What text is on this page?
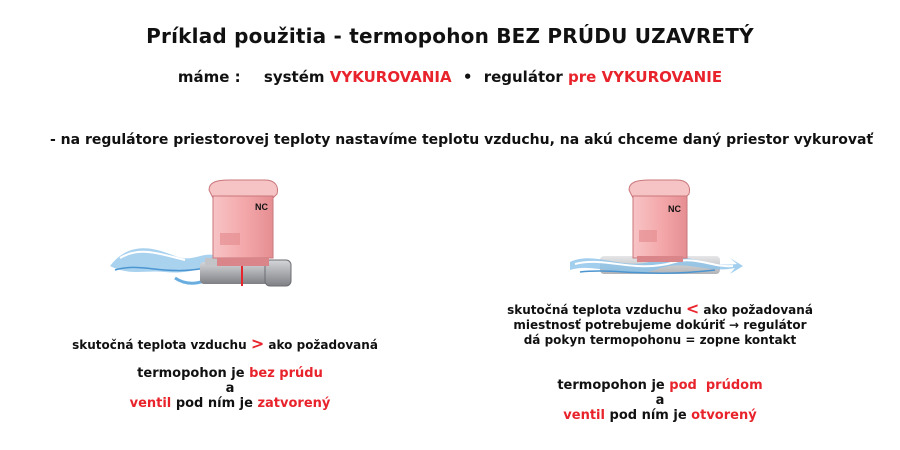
Príklad použitia - termopohon BEZ PRÚDU UZAVRETÝ
máme : systém VYKUROVANIA • regulátor pre VYKUROVANIE
- na regulátore priestorovej teploty nastavíme teplotu vzduchu, na akú chceme daný priestor vykurovať
NC	NC
skutočná teplota vzduchu > ako požadovaná
termopohon je bez prúdu
a
ventil pod ním je zatvorený
skutočná teplota vzduchu < ako požadovaná
miestnosť potrebujeme dokúriť → regulátor
dá pokyn termopohonu = zopne kontakt
termopohon je pod  prúdom
a
ventil pod ním je otvorený
